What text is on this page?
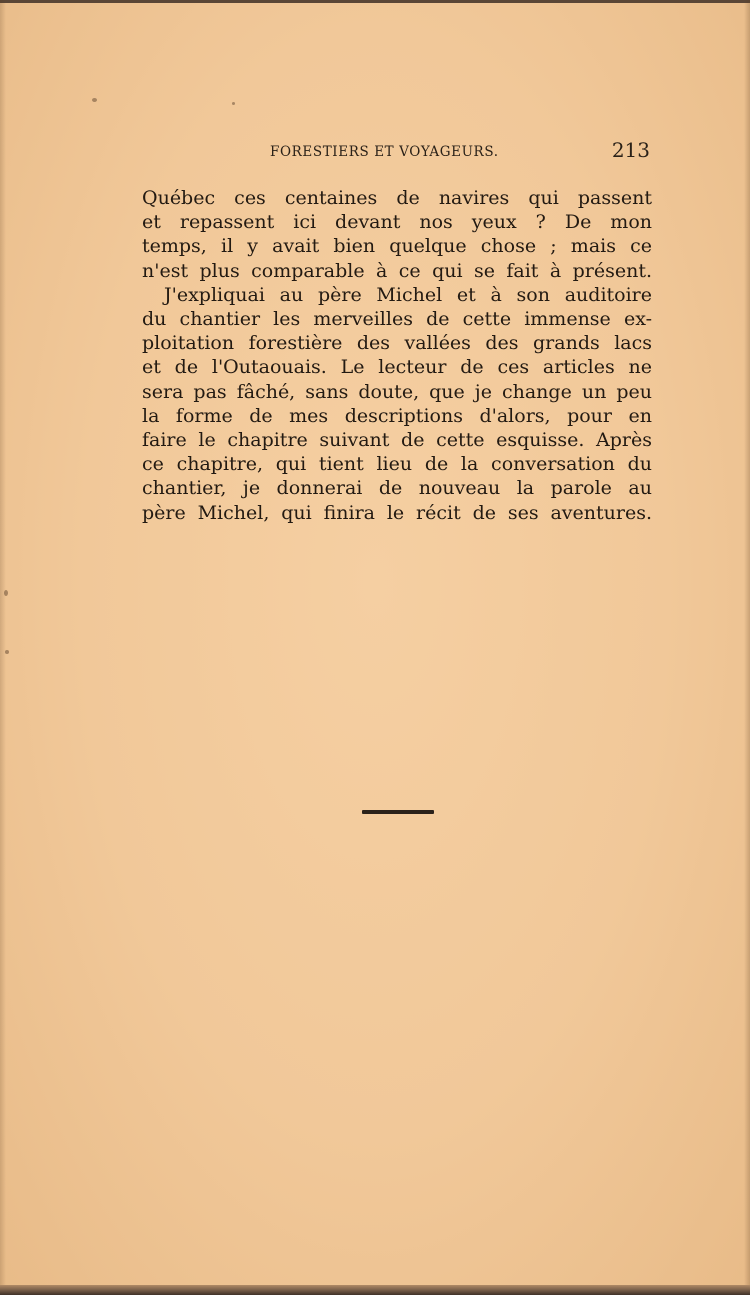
FORESTIERS ET VOYAGEURS.	213
Québec ces centaines de navires qui passent
et repassent ici devant nos yeux ? De mon
temps, il y avait bien quelque chose ; mais ce
n'est plus comparable à ce qui se fait à présent.
J'expliquai au père Michel et à son auditoire
du chantier les merveilles de cette immense ex-
ploitation forestière des vallées des grands lacs
et de l'Outaouais. Le lecteur de ces articles ne
sera pas fâché, sans doute, que je change un peu
la forme de mes descriptions d'alors, pour en
faire le chapitre suivant de cette esquisse. Après
ce chapitre, qui tient lieu de la conversation du
chantier, je donnerai de nouveau la parole au
père Michel, qui finira le récit de ses aventures.
